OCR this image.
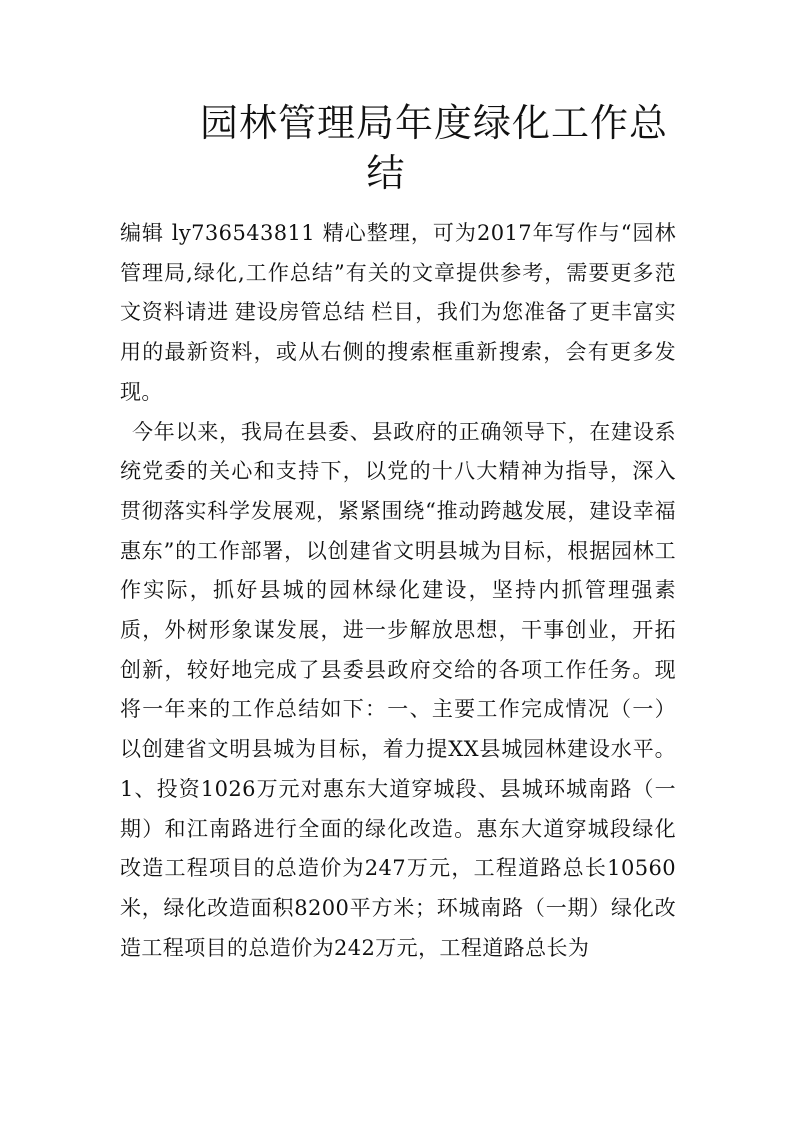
园林管理局年度绿化工作总
结

编辑 ly736543811 精心整理，可为2017年写作与“园林管理局,绿化,工作总结”有关的文章提供参考，需要更多范文资料请进 建设房管总结 栏目，我们为您准备了更丰富实用的最新资料，或从右侧的搜索框重新搜索，会有更多发现。

今年以来，我局在县委、县政府的正确领导下，在建设系统党委的关心和支持下，以党的十八大精神为指导，深入贯彻落实科学发展观，紧紧围绕“推动跨越发展，建设幸福惠东”的工作部署，以创建省文明县城为目标，根据园林工作实际，抓好县城的园林绿化建设，坚持内抓管理强素质，外树形象谋发展，进一步解放思想，干事创业，开拓创新，较好地完成了县委县政府交给的各项工作任务。现将一年来的工作总结如下：一、主要工作完成情况（一）以创建省文明县城为目标，着力提XX县城园林建设水平。1、投资1026万元对惠东大道穿城段、县城环城南路（一期）和江南路进行全面的绿化改造。惠东大道穿城段绿化改造工程项目的总造价为247万元，工程道路总长10560米，绿化改造面积8200平方米；环城南路（一期）绿化改造工程项目的总造价为242万元，工程道路总长为
